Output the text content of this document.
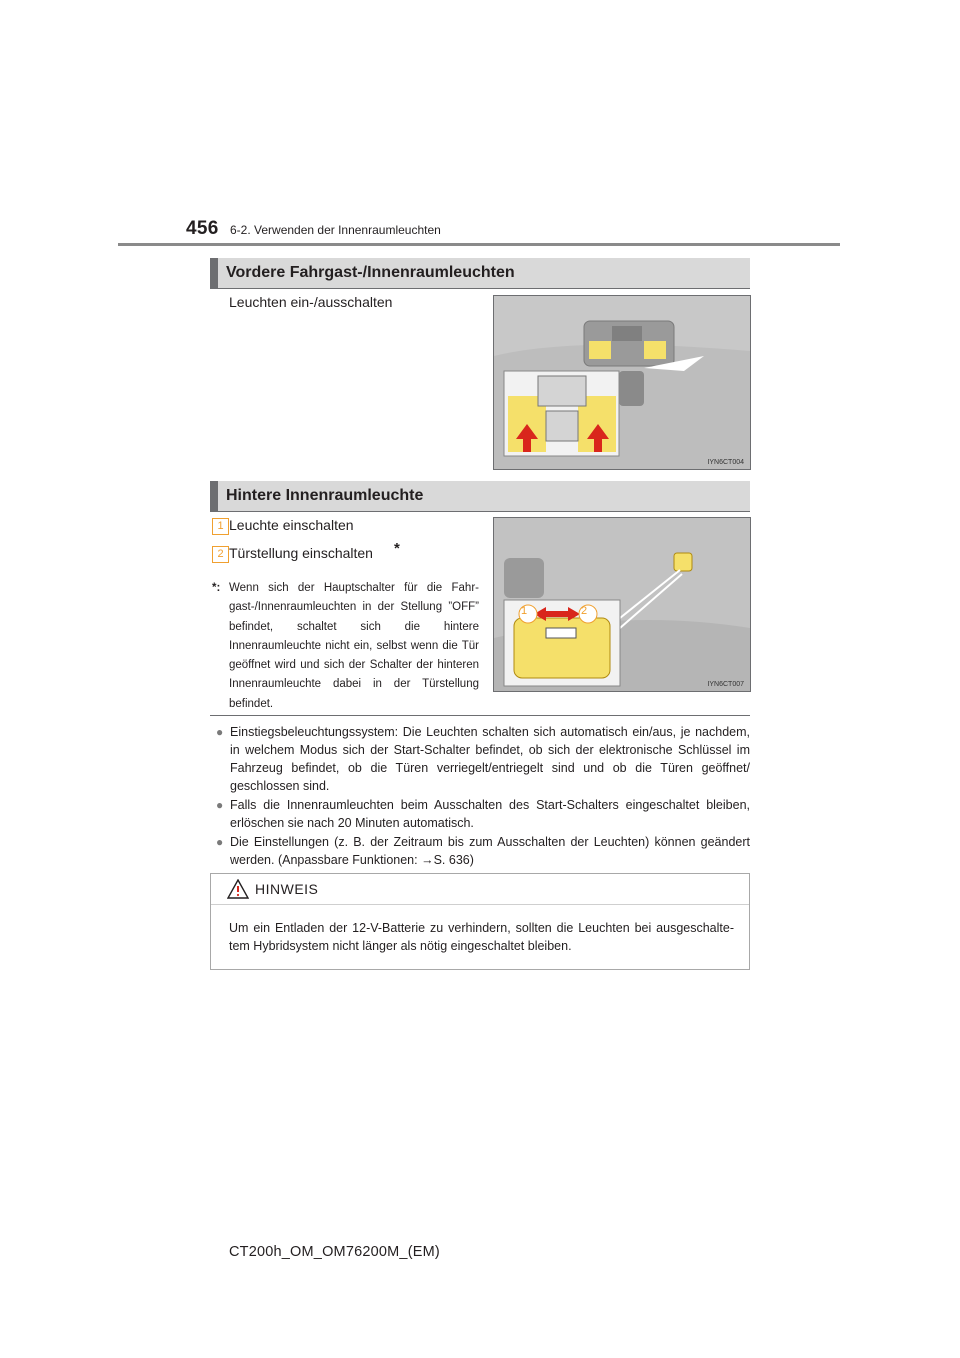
456 6-2. Verwenden der Innenraumleuchten
Vordere Fahrgast-/Innenraumleuchten
Leuchten ein-/ausschalten
IYN6CT004
Hintere Innenraumleuchte
1 Leuchte einschalten
2 Türstellung einschalten *
*: Wenn sich der Hauptschalter für die Fahr-gast-/Innenraumleuchten in der Stellung ”OFF” befindet, schaltet sich die hintere Innenraumleuchte nicht ein, selbst wenn die Tür geöffnet wird und sich der Schalter der hinteren Innenraumleuchte dabei in der Türstellung befindet.
1	2
IYN6CT007
● Einstiegsbeleuchtungssystem: Die Leuchten schalten sich automatisch ein/aus, je nachdem, in welchem Modus sich der Start-Schalter befindet, ob sich der elektronische Schlüssel im Fahrzeug befindet, ob die Türen verriegelt/entriegelt sind und ob die Türen geöffnet/ geschlossen sind.
● Falls die Innenraumleuchten beim Ausschalten des Start-Schalters eingeschaltet bleiben, erlöschen sie nach 20 Minuten automatisch.
● Die Einstellungen (z. B. der Zeitraum bis zum Ausschalten der Leuchten) können geändert werden. (Anpassbare Funktionen: →S. 636)
HINWEIS
Um ein Entladen der 12-V-Batterie zu verhindern, sollten die Leuchten bei ausgeschalte-tem Hybridsystem nicht länger als nötig eingeschaltet bleiben.
CT200h_OM_OM76200M_(EM)
